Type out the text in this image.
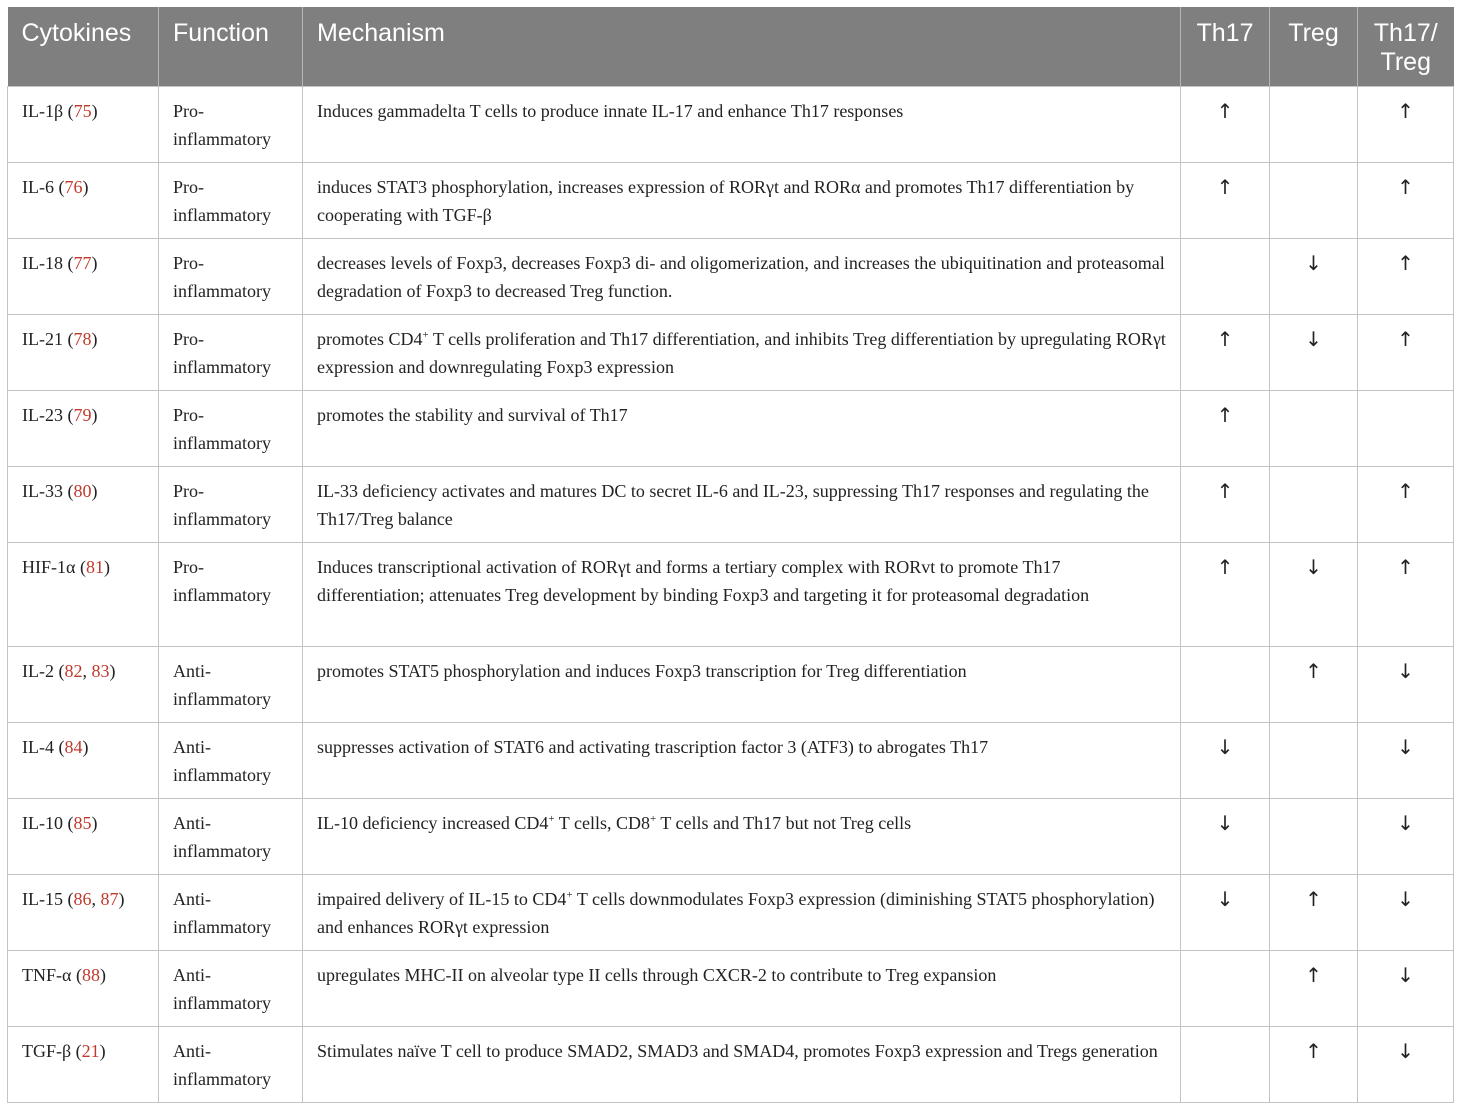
Cytokines	Function	Mechanism	Th17	Treg	Th17/
Treg
IL-1β (75)	Pro-
inflammatory	Induces gammadelta T cells to produce innate IL-17 and enhance Th17 responses	↑		↑
IL-6 (76)	Pro-
inflammatory	induces STAT3 phosphorylation, increases expression of RORγt and RORα and promotes Th17 differentiation by cooperating with TGF-β	↑		↑
IL-18 (77)	Pro-
inflammatory	decreases levels of Foxp3, decreases Foxp3 di- and oligomerization, and increases the ubiquitination and proteasomal degradation of Foxp3 to decreased Treg function.		↓	↑
IL-21 (78)	Pro-
inflammatory	promotes CD4+ T cells proliferation and Th17 differentiation, and inhibits Treg differentiation by upregulating RORγt expression and downregulating Foxp3 expression	↑	↓	↑
IL-23 (79)	Pro-
inflammatory	promotes the stability and survival of Th17	↑		
IL-33 (80)	Pro-
inflammatory	IL-33 deficiency activates and matures DC to secret IL-6 and IL-23, suppressing Th17 responses and regulating the Th17/Treg balance	↑		↑
HIF-1α (81)	Pro-
inflammatory	Induces transcriptional activation of RORγt and forms a tertiary complex with RORvt to promote Th17 differentiation; attenuates Treg development by binding Foxp3 and targeting it for proteasomal degradation	↑	↓	↑
IL-2 (82, 83)	Anti-
inflammatory	promotes STAT5 phosphorylation and induces Foxp3 transcription for Treg differentiation		↑	↓
IL-4 (84)	Anti-
inflammatory	suppresses activation of STAT6 and activating trascription factor 3 (ATF3) to abrogates Th17	↓		↓
IL-10 (85)	Anti-
inflammatory	IL-10 deficiency increased CD4+ T cells, CD8+ T cells and Th17 but not Treg cells	↓		↓
IL-15 (86, 87)	Anti-
inflammatory	impaired delivery of IL-15 to CD4+ T cells downmodulates Foxp3 expression (diminishing STAT5 phosphorylation) and enhances RORγt expression	↓	↑	↓
TNF-α (88)	Anti-
inflammatory	upregulates MHC-II on alveolar type II cells through CXCR-2 to contribute to Treg expansion		↑	↓
TGF-β (21)	Anti-
inflammatory	Stimulates naïve T cell to produce SMAD2, SMAD3 and SMAD4, promotes Foxp3 expression and Tregs generation		↑	↓
